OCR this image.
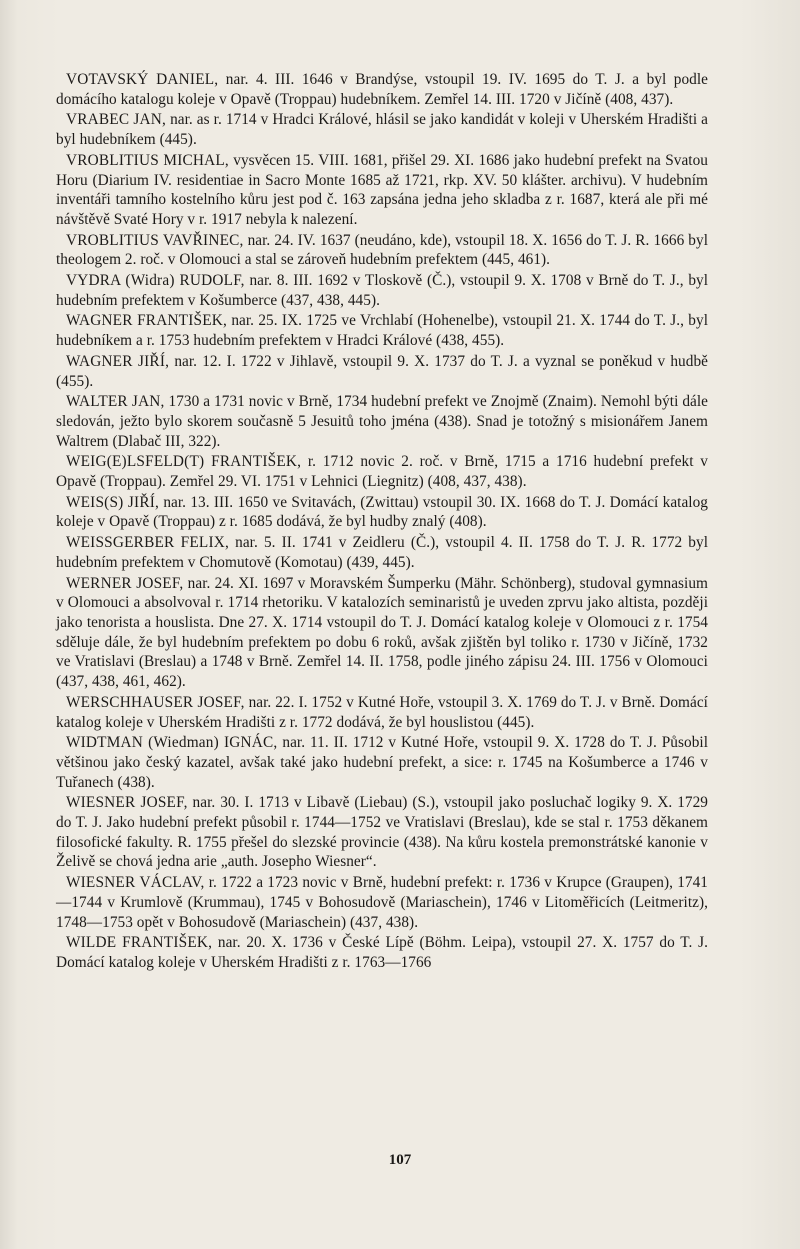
VOTAVSKÝ DANIEL, nar. 4. III. 1646 v Brandýse, vstoupil 19. IV. 1695 do T. J. a byl podle domácího katalogu koleje v Opavě (Troppau) hudebníkem. Zemřel 14. III. 1720 v Jičíně (408, 437).

VRABEC JAN, nar. as r. 1714 v Hradci Králové, hlásil se jako kandidát v koleji v Uherském Hradišti a byl hudebníkem (445).

VROBLITIUS MICHAL, vysvěcen 15. VIII. 1681, přišel 29. XI. 1686 jako hudební prefekt na Svatou Horu (Diarium IV. residentiae in Sacro Monte 1685 až 1721, rkp. XV. 50 klášter. archivu). V hudebním inventáři tamního kostelního kůru jest pod č. 163 zapsána jedna jeho skladba z r. 1687, která ale při mé návštěvě Svaté Hory v r. 1917 nebyla k nalezení.

VROBLITIUS VAVŘINEC, nar. 24. IV. 1637 (neudáno, kde), vstoupil 18. X. 1656 do T. J. R. 1666 byl theologem 2. roč. v Olomouci a stal se zároveň hudebním prefektem (445, 461).

VYDRA (Widra) RUDOLF, nar. 8. III. 1692 v Tloskově (Č.), vstoupil 9. X. 1708 v Brně do T. J., byl hudebním prefektem v Košumberce (437, 438, 445).

WAGNER FRANTIŠEK, nar. 25. IX. 1725 ve Vrchlabí (Hohenelbe), vstoupil 21. X. 1744 do T. J., byl hudebníkem a r. 1753 hudebním prefektem v Hradci Králové (438, 455).

WAGNER JIŘÍ, nar. 12. I. 1722 v Jihlavě, vstoupil 9. X. 1737 do T. J. a vyznal se poněkud v hudbě (455).

WALTER JAN, 1730 a 1731 novic v Brně, 1734 hudební prefekt ve Znojmě (Znaim). Nemohl býti dále sledován, ježto bylo skorem současně 5 Jesuitů toho jména (438). Snad je totožný s misionářem Janem Waltrem (Dlabač III, 322).

WEIG(E)LSFELD(T) FRANTIŠEK, r. 1712 novic 2. roč. v Brně, 1715 a 1716 hudební prefekt v Opavě (Troppau). Zemřel 29. VI. 1751 v Lehnici (Liegnitz) (408, 437, 438).

WEIS(S) JIŘÍ, nar. 13. III. 1650 ve Svitavách, (Zwittau) vstoupil 30. IX. 1668 do T. J. Domácí katalog koleje v Opavě (Troppau) z r. 1685 dodává, že byl hudby znalý (408).

WEISSGERBER FELIX, nar. 5. II. 1741 v Zeidleru (Č.), vstoupil 4. II. 1758 do T. J. R. 1772 byl hudebním prefektem v Chomutově (Komotau) (439, 445).

WERNER JOSEF, nar. 24. XI. 1697 v Moravském Šumperku (Mähr. Schönberg), studoval gymnasium v Olomouci a absolvoval r. 1714 rhetoriku. V katalozích seminaristů je uveden zprvu jako altista, později jako tenorista a houslista. Dne 27. X. 1714 vstoupil do T. J. Domácí katalog koleje v Olomouci z r. 1754 sděluje dále, že byl hudebním prefektem po dobu 6 roků, avšak zjištěn byl toliko r. 1730 v Jičíně, 1732 ve Vratislavi (Breslau) a 1748 v Brně. Zemřel 14. II. 1758, podle jiného zápisu 24. III. 1756 v Olomouci (437, 438, 461, 462).

WERSCHHAUSER JOSEF, nar. 22. I. 1752 v Kutné Hoře, vstoupil 3. X. 1769 do T. J. v Brně. Domácí katalog koleje v Uherském Hradišti z r. 1772 dodává, že byl houslistou (445).

WIDTMAN (Wiedman) IGNÁC, nar. 11. II. 1712 v Kutné Hoře, vstoupil 9. X. 1728 do T. J. Působil většinou jako český kazatel, avšak také jako hudební prefekt, a sice: r. 1745 na Košumberce a 1746 v Tuřanech (438).

WIESNER JOSEF, nar. 30. I. 1713 v Libavě (Liebau) (S.), vstoupil jako posluchač logiky 9. X. 1729 do T. J. Jako hudební prefekt působil r. 1744—1752 ve Vratislavi (Breslau), kde se stal r. 1753 děkanem filosofické fakulty. R. 1755 přešel do slezské provincie (438). Na kůru kostela premonstrátské kanonie v Želivě se chová jedna arie „auth. Josepho Wiesner“.

WIESNER VÁCLAV, r. 1722 a 1723 novic v Brně, hudební prefekt: r. 1736 v Krupce (Graupen), 1741—1744 v Krumlově (Krummau), 1745 v Bohosudově (Mariaschein), 1746 v Litoměřicích (Leitmeritz), 1748—1753 opět v Bohosudově (Mariaschein) (437, 438).

WILDE FRANTIŠEK, nar. 20. X. 1736 v České Lípě (Böhm. Leipa), vstoupil 27. X. 1757 do T. J. Domácí katalog koleje v Uherském Hradišti z r. 1763—1766

107
